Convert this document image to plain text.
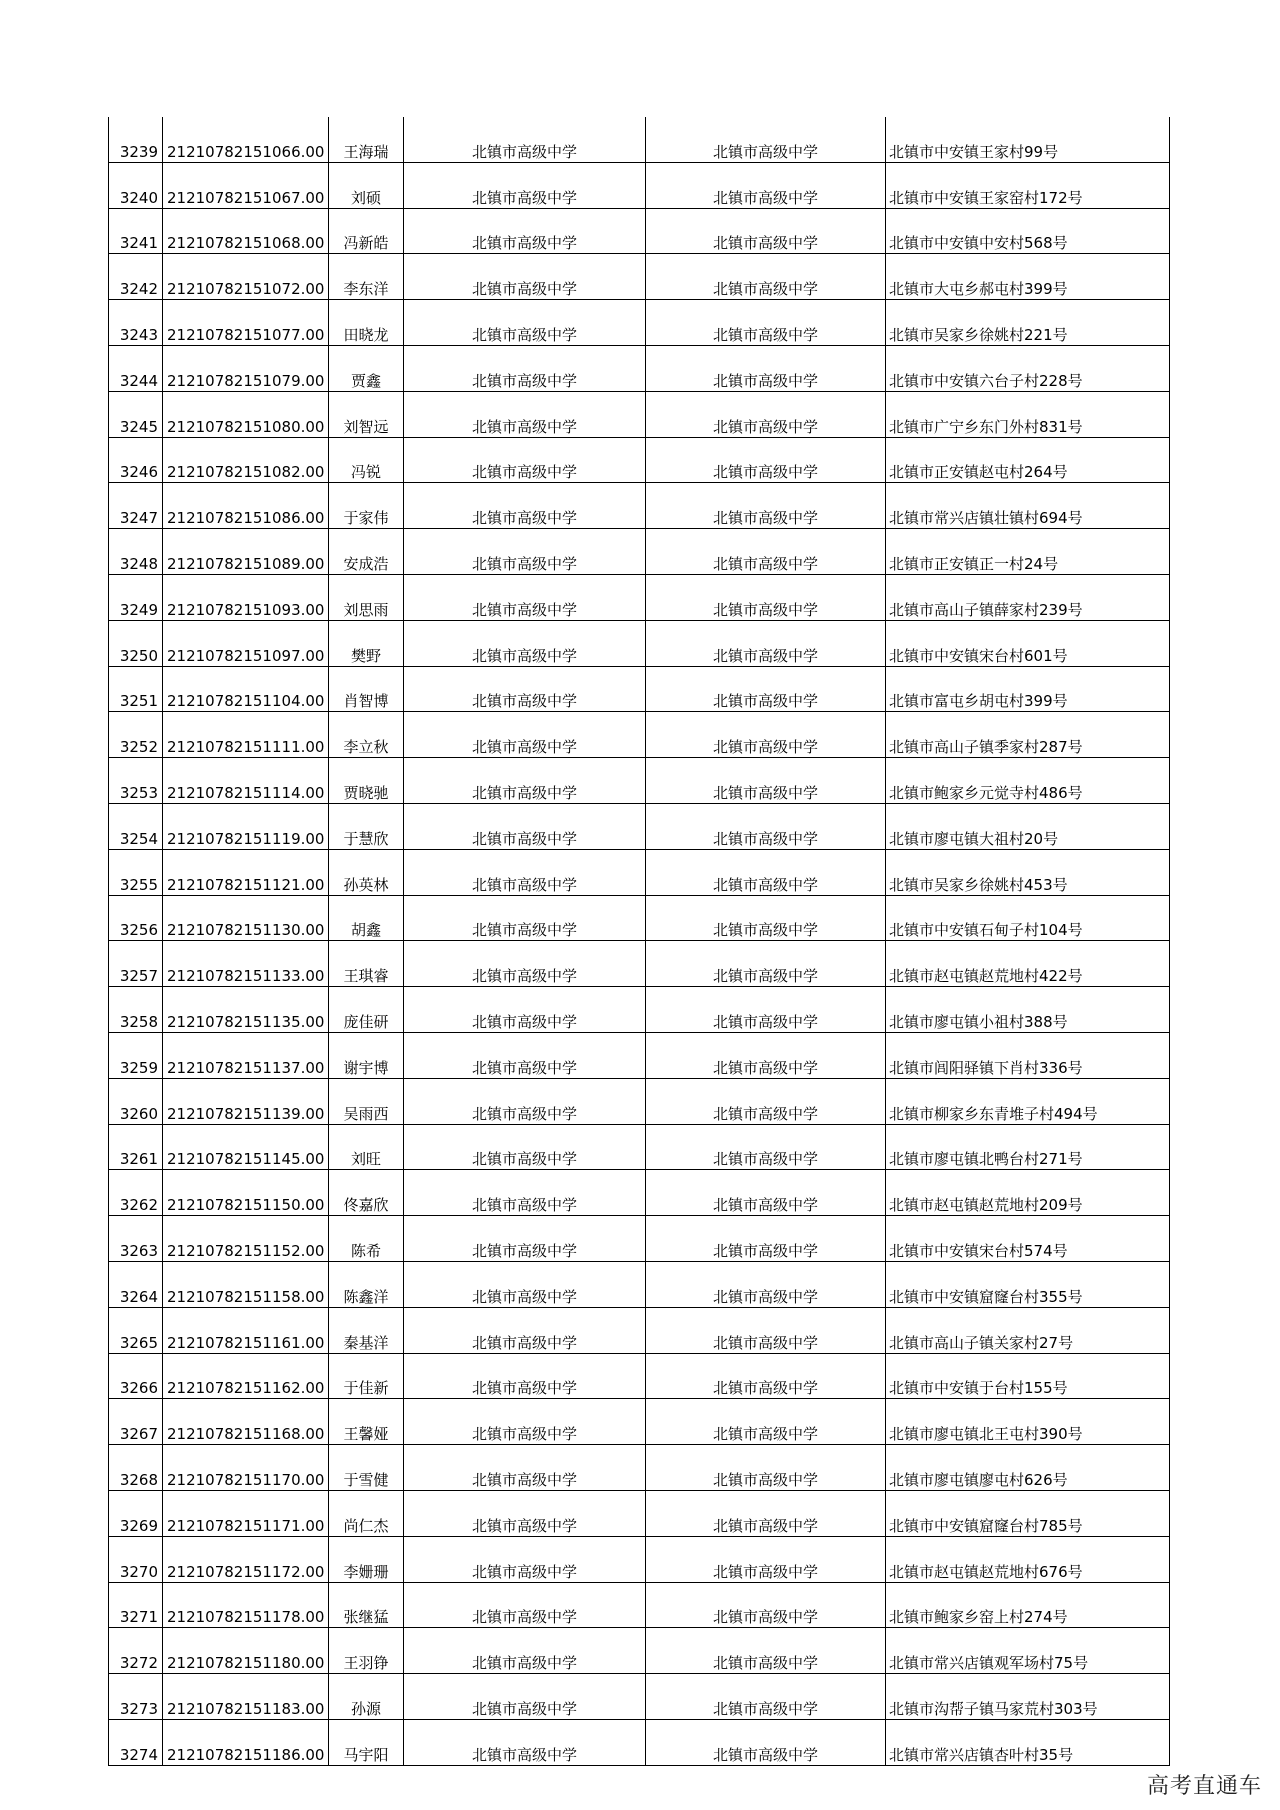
3239	21210782151066.00	王海瑞	北镇市高级中学	北镇市高级中学	北镇市中安镇王家村99号
3240	21210782151067.00	刘硕	北镇市高级中学	北镇市高级中学	北镇市中安镇王家窑村172号
3241	21210782151068.00	冯新皓	北镇市高级中学	北镇市高级中学	北镇市中安镇中安村568号
3242	21210782151072.00	李东洋	北镇市高级中学	北镇市高级中学	北镇市大屯乡郝屯村399号
3243	21210782151077.00	田晓龙	北镇市高级中学	北镇市高级中学	北镇市吴家乡徐姚村221号
3244	21210782151079.00	贾鑫	北镇市高级中学	北镇市高级中学	北镇市中安镇六台子村228号
3245	21210782151080.00	刘智远	北镇市高级中学	北镇市高级中学	北镇市广宁乡东门外村831号
3246	21210782151082.00	冯锐	北镇市高级中学	北镇市高级中学	北镇市正安镇赵屯村264号
3247	21210782151086.00	于家伟	北镇市高级中学	北镇市高级中学	北镇市常兴店镇壮镇村694号
3248	21210782151089.00	安成浩	北镇市高级中学	北镇市高级中学	北镇市正安镇正一村24号
3249	21210782151093.00	刘思雨	北镇市高级中学	北镇市高级中学	北镇市高山子镇薛家村239号
3250	21210782151097.00	樊野	北镇市高级中学	北镇市高级中学	北镇市中安镇宋台村601号
3251	21210782151104.00	肖智博	北镇市高级中学	北镇市高级中学	北镇市富屯乡胡屯村399号
3252	21210782151111.00	李立秋	北镇市高级中学	北镇市高级中学	北镇市高山子镇季家村287号
3253	21210782151114.00	贾晓驰	北镇市高级中学	北镇市高级中学	北镇市鲍家乡元觉寺村486号
3254	21210782151119.00	于慧欣	北镇市高级中学	北镇市高级中学	北镇市廖屯镇大祖村20号
3255	21210782151121.00	孙英林	北镇市高级中学	北镇市高级中学	北镇市吴家乡徐姚村453号
3256	21210782151130.00	胡鑫	北镇市高级中学	北镇市高级中学	北镇市中安镇石甸子村104号
3257	21210782151133.00	王琪睿	北镇市高级中学	北镇市高级中学	北镇市赵屯镇赵荒地村422号
3258	21210782151135.00	庞佳研	北镇市高级中学	北镇市高级中学	北镇市廖屯镇小祖村388号
3259	21210782151137.00	谢宇博	北镇市高级中学	北镇市高级中学	北镇市闾阳驿镇下肖村336号
3260	21210782151139.00	吴雨西	北镇市高级中学	北镇市高级中学	北镇市柳家乡东青堆子村494号
3261	21210782151145.00	刘旺	北镇市高级中学	北镇市高级中学	北镇市廖屯镇北鸭台村271号
3262	21210782151150.00	佟嘉欣	北镇市高级中学	北镇市高级中学	北镇市赵屯镇赵荒地村209号
3263	21210782151152.00	陈希	北镇市高级中学	北镇市高级中学	北镇市中安镇宋台村574号
3264	21210782151158.00	陈鑫洋	北镇市高级中学	北镇市高级中学	北镇市中安镇窟窿台村355号
3265	21210782151161.00	秦基洋	北镇市高级中学	北镇市高级中学	北镇市高山子镇关家村27号
3266	21210782151162.00	于佳新	北镇市高级中学	北镇市高级中学	北镇市中安镇于台村155号
3267	21210782151168.00	王馨娅	北镇市高级中学	北镇市高级中学	北镇市廖屯镇北王屯村390号
3268	21210782151170.00	于雪健	北镇市高级中学	北镇市高级中学	北镇市廖屯镇廖屯村626号
3269	21210782151171.00	尚仁杰	北镇市高级中学	北镇市高级中学	北镇市中安镇窟窿台村785号
3270	21210782151172.00	李姗珊	北镇市高级中学	北镇市高级中学	北镇市赵屯镇赵荒地村676号
3271	21210782151178.00	张继猛	北镇市高级中学	北镇市高级中学	北镇市鲍家乡窑上村274号
3272	21210782151180.00	王羽铮	北镇市高级中学	北镇市高级中学	北镇市常兴店镇观军场村75号
3273	21210782151183.00	孙源	北镇市高级中学	北镇市高级中学	北镇市沟帮子镇马家荒村303号
3274	21210782151186.00	马宇阳	北镇市高级中学	北镇市高级中学	北镇市常兴店镇杏叶村35号
高考直通车
